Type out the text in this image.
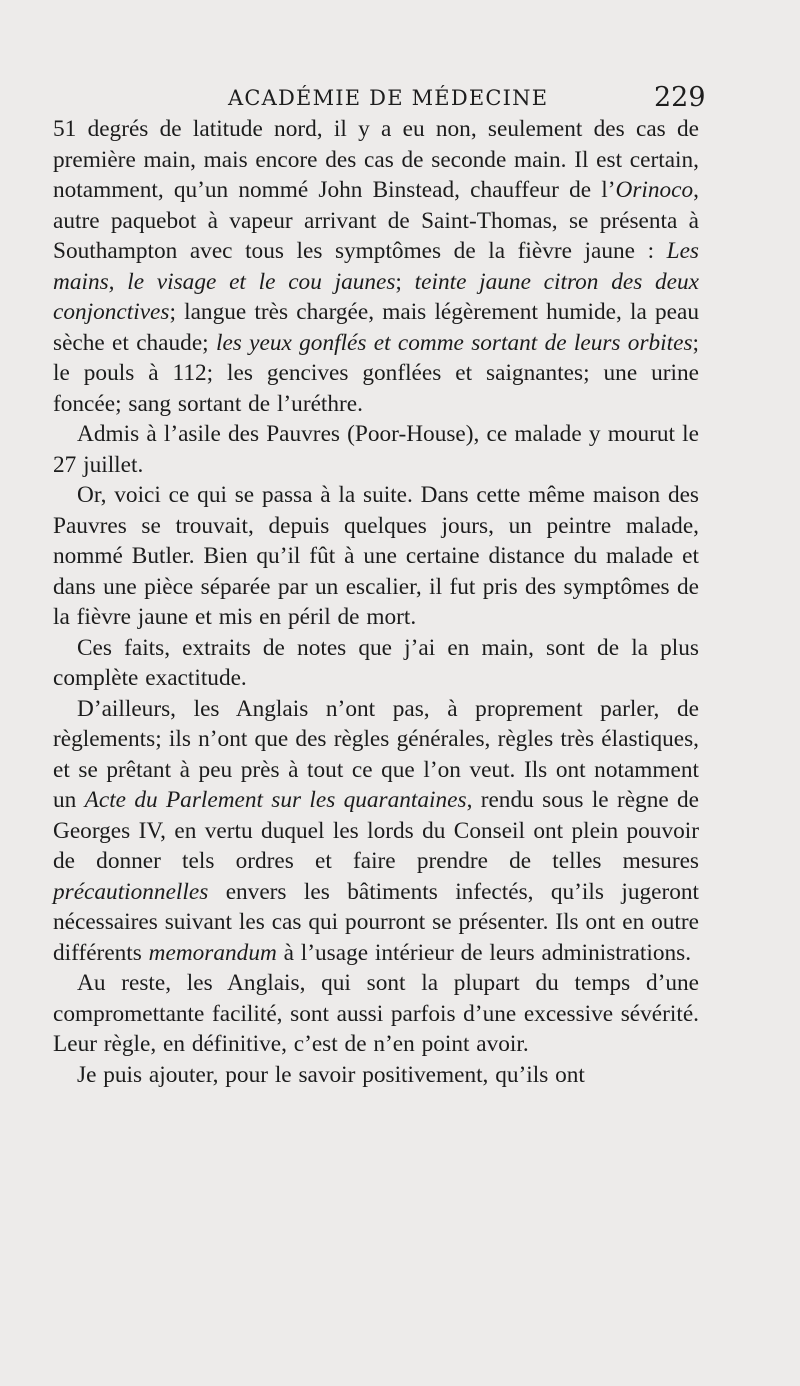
ACADÉMIE DE MÉDECINE	229

51 degrés de latitude nord, il y a eu non, seulement des cas de première main, mais encore des cas de seconde main. Il est certain, notamment, qu’un nommé John Binstead, chauffeur de l’Orinoco, autre paquebot à vapeur arrivant de Saint-Thomas, se présenta à Southampton avec tous les symptômes de la fièvre jaune : Les mains, le visage et le cou jaunes; teinte jaune citron des deux conjonctives; langue très chargée, mais légèrement humide, la peau sèche et chaude; les yeux gonflés et comme sortant de leurs orbites; le pouls à 112; les gencives gonflées et saignantes; une urine foncée; sang sortant de l’uréthre.

Admis à l’asile des Pauvres (Poor-House), ce malade y mourut le 27 juillet.

Or, voici ce qui se passa à la suite. Dans cette même maison des Pauvres se trouvait, depuis quelques jours, un peintre malade, nommé Butler. Bien qu’il fût à une certaine distance du malade et dans une pièce séparée par un escalier, il fut pris des symptômes de la fièvre jaune et mis en péril de mort.

Ces faits, extraits de notes que j’ai en main, sont de la plus complète exactitude.

D’ailleurs, les Anglais n’ont pas, à proprement parler, de règlements; ils n’ont que des règles générales, règles très élastiques, et se prêtant à peu près à tout ce que l’on veut. Ils ont notamment un Acte du Parlement sur les quarantaines, rendu sous le règne de Georges IV, en vertu duquel les lords du Conseil ont plein pouvoir de donner tels ordres et faire prendre de telles mesures précautionnelles envers les bâtiments infectés, qu’ils jugeront nécessaires suivant les cas qui pourront se présenter. Ils ont en outre différents memorandum à l’usage intérieur de leurs administrations.

Au reste, les Anglais, qui sont la plupart du temps d’une compromettante facilité, sont aussi parfois d’une excessive sévérité. Leur règle, en définitive, c’est de n’en point avoir.

Je puis ajouter, pour le savoir positivement, qu’ils ont
